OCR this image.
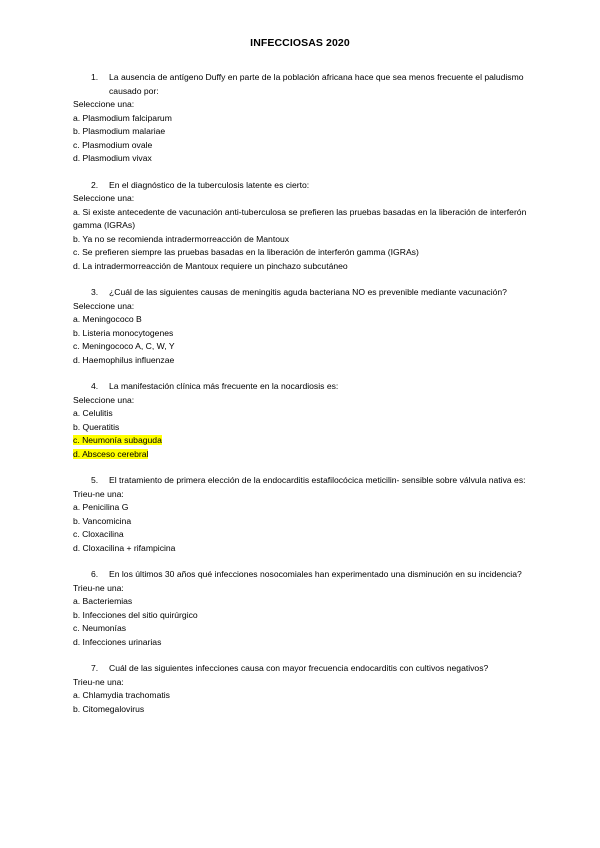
INFECCIOSAS 2020
1. La ausencia de antígeno Duffy en parte de la población africana hace que sea menos frecuente el paludismo causado por:
Seleccione una:
a. Plasmodium falciparum
b. Plasmodium malariae
c. Plasmodium ovale
d. Plasmodium vivax
2. En el diagnóstico de la tuberculosis latente es cierto:
Seleccione una:
a. Si existe antecedente de vacunación anti-tuberculosa se prefieren las pruebas basadas en la liberación de interferón gamma (IGRAs)
b. Ya no se recomienda intradermorreacción de Mantoux
c. Se prefieren siempre las pruebas basadas en la liberación de interferón gamma (IGRAs)
d. La intradermorreacción de Mantoux requiere un pinchazo subcutáneo
3. ¿Cuál de las siguientes causas de meningitis aguda bacteriana NO es prevenible mediante vacunación?
Seleccione una:
a. Meningococo B
b. Listeria monocytogenes
c. Meningococo A, C, W, Y
d. Haemophilus influenzae
4. La manifestación clínica más frecuente en la nocardiosis es:
Seleccione una:
a. Celulitis
b. Queratitis
c. Neumonía subaguda
d. Absceso cerebral
5. El tratamiento de primera elección de la endocarditis estafilocócica meticilin- sensible sobre válvula nativa es:
Trieu-ne una:
a. Penicilina G
b. Vancomicina
c. Cloxacilina
d. Cloxacilina + rifampicina
6. En los últimos 30 años qué infecciones nosocomiales han experimentado una disminución en su incidencia?
Trieu-ne una:
a. Bacteriemias
b. Infecciones del sitio quirúrgico
c. Neumonías
d. Infecciones urinarias
7. Cuál de las siguientes infecciones causa con mayor frecuencia endocarditis con cultivos negativos?
Trieu-ne una:
a. Chlamydia trachomatis
b. Citomegalovirus
